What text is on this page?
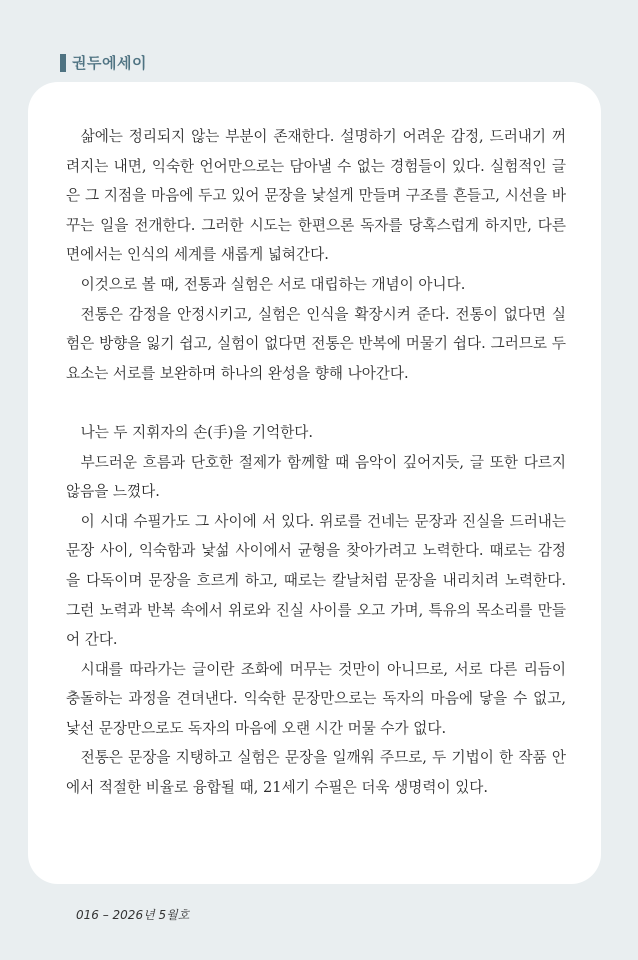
권두에세이

삶에는 정리되지 않는 부분이 존재한다. 설명하기 어려운 감정, 드러내기 꺼려지는 내면, 익숙한 언어만으로는 담아낼 수 없는 경험들이 있다. 실험적인 글은 그 지점을 마음에 두고 있어 문장을 낯설게 만들며 구조를 흔들고, 시선을 바꾸는 일을 전개한다. 그러한 시도는 한편으론 독자를 당혹스럽게 하지만, 다른 면에서는 인식의 세계를 새롭게 넓혀간다.

이것으로 볼 때, 전통과 실험은 서로 대립하는 개념이 아니다.

전통은 감정을 안정시키고, 실험은 인식을 확장시켜 준다. 전통이 없다면 실험은 방향을 잃기 쉽고, 실험이 없다면 전통은 반복에 머물기 쉽다. 그러므로 두 요소는 서로를 보완하며 하나의 완성을 향해 나아간다.

나는 두 지휘자의 손(手)을 기억한다.

부드러운 흐름과 단호한 절제가 함께할 때 음악이 깊어지듯, 글 또한 다르지 않음을 느꼈다.

이 시대 수필가도 그 사이에 서 있다. 위로를 건네는 문장과 진실을 드러내는 문장 사이, 익숙함과 낯섦 사이에서 균형을 찾아가려고 노력한다. 때로는 감정을 다독이며 문장을 흐르게 하고, 때로는 칼날처럼 문장을 내리치려 노력한다. 그런 노력과 반복 속에서 위로와 진실 사이를 오고 가며, 특유의 목소리를 만들어 간다.

시대를 따라가는 글이란 조화에 머무는 것만이 아니므로, 서로 다른 리듬이 충돌하는 과정을 견뎌낸다. 익숙한 문장만으로는 독자의 마음에 닿을 수 없고, 낯선 문장만으로도 독자의 마음에 오랜 시간 머물 수가 없다.

전통은 문장을 지탱하고 실험은 문장을 일깨워 주므로, 두 기법이 한 작품 안에서 적절한 비율로 융합될 때, 21세기 수필은 더욱 생명력이 있다.

016 – 2026년 5월호
